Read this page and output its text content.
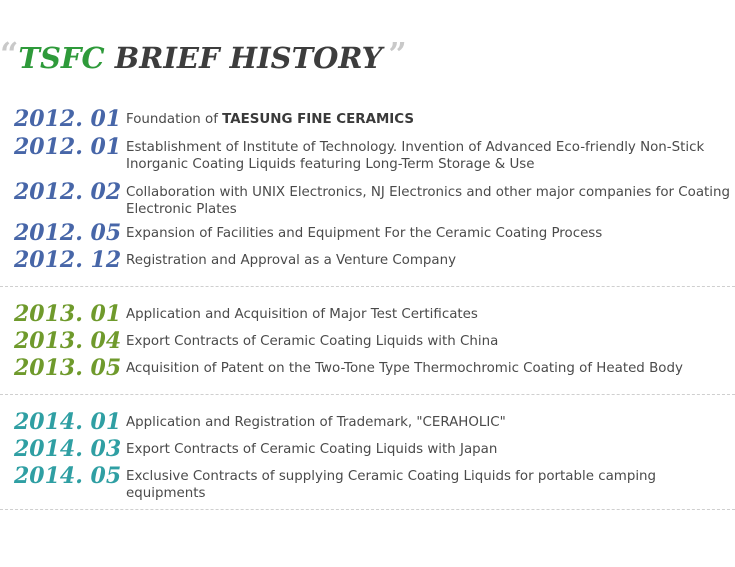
“TSFC BRIEF HISTORY ”
2012. 01 Foundation of TAESUNG FINE CERAMICS
2012. 01 Establishment of Institute of Technology. Invention of Advanced Eco-friendly Non-Stick Inorganic Coating Liquids featuring Long-Term Storage & Use
2012. 02 Collaboration with UNIX Electronics, NJ Electronics and other major companies for Coating Electronic Plates
2012. 05 Expansion of Facilities and Equipment For the Ceramic Coating Process
2012. 12 Registration and Approval as a Venture Company
2013. 01 Application and Acquisition of Major Test Certificates
2013. 04 Export Contracts of Ceramic Coating Liquids with China
2013. 05 Acquisition of Patent on the Two-Tone Type Thermochromic Coating of Heated Body
2014. 01 Application and Registration of Trademark, "CERAHOLIC"
2014. 03 Export Contracts of Ceramic Coating Liquids with Japan
2014. 05 Exclusive Contracts of supplying Ceramic Coating Liquids for portable camping equipments
